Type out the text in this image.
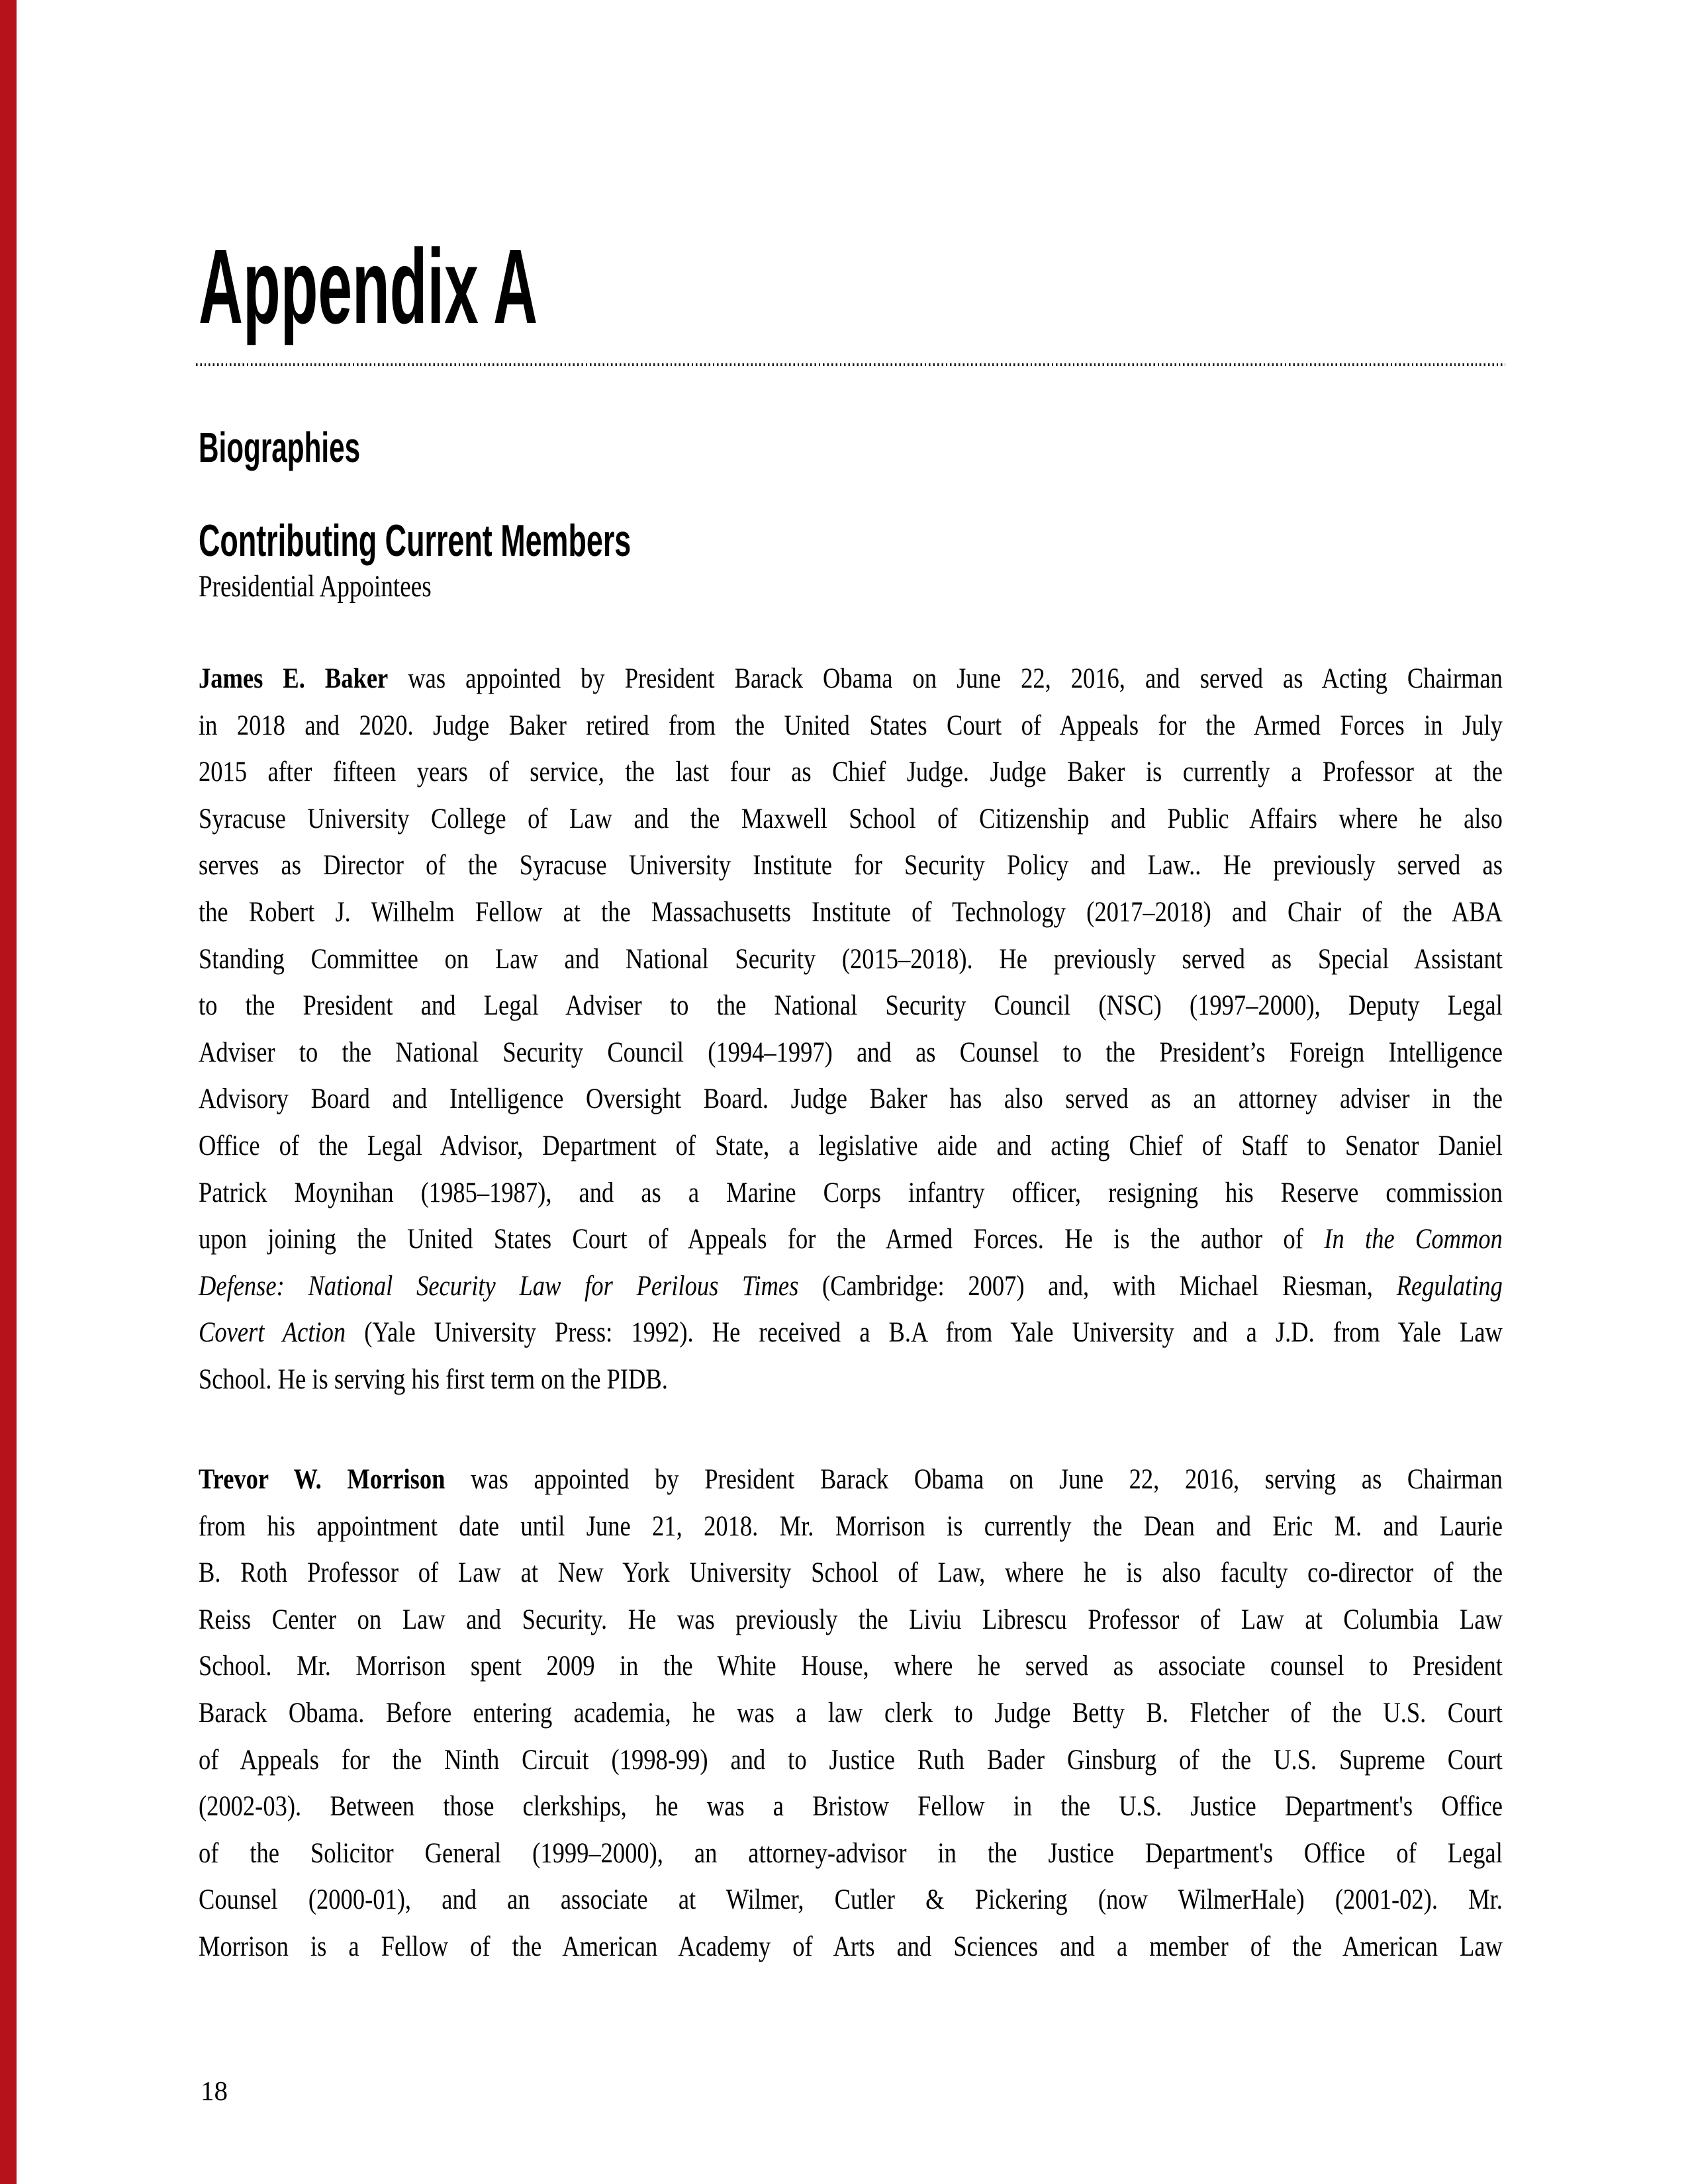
Appendix A
Biographies
Contributing Current Members
Presidential Appointees
James E. Baker was appointed by President Barack Obama on June 22, 2016, and served as Acting Chairman
in 2018 and 2020. Judge Baker retired from the United States Court of Appeals for the Armed Forces in July
2015 after fifteen years of service, the last four as Chief Judge. Judge Baker is currently a Professor at the
Syracuse University College of Law and the Maxwell School of Citizenship and Public Affairs where he also
serves as Director of the Syracuse University Institute for Security Policy and Law.. He previously served as
the Robert J. Wilhelm Fellow at the Massachusetts Institute of Technology (2017–2018) and Chair of the ABA
Standing Committee on Law and National Security (2015–2018). He previously served as Special Assistant
to the President and Legal Adviser to the National Security Council (NSC) (1997–2000), Deputy Legal
Adviser to the National Security Council (1994–1997) and as Counsel to the President’s Foreign Intelligence
Advisory Board and Intelligence Oversight Board. Judge Baker has also served as an attorney adviser in the
Office of the Legal Advisor, Department of State, a legislative aide and acting Chief of Staff to Senator Daniel
Patrick Moynihan (1985–1987), and as a Marine Corps infantry officer, resigning his Reserve commission
upon joining the United States Court of Appeals for the Armed Forces. He is the author of In the Common
Defense: National Security Law for Perilous Times (Cambridge: 2007) and, with Michael Riesman, Regulating
Covert Action (Yale University Press: 1992). He received a B.A from Yale University and a J.D. from Yale Law
School. He is serving his first term on the PIDB.
Trevor W. Morrison was appointed by President Barack Obama on June 22, 2016, serving as Chairman
from his appointment date until June 21, 2018. Mr. Morrison is currently the Dean and Eric M. and Laurie
B. Roth Professor of Law at New York University School of Law, where he is also faculty co-director of the
Reiss Center on Law and Security. He was previously the Liviu Librescu Professor of Law at Columbia Law
School. Mr. Morrison spent 2009 in the White House, where he served as associate counsel to President
Barack Obama. Before entering academia, he was a law clerk to Judge Betty B. Fletcher of the U.S. Court
of Appeals for the Ninth Circuit (1998-99) and to Justice Ruth Bader Ginsburg of the U.S. Supreme Court
(2002-03). Between those clerkships, he was a Bristow Fellow in the U.S. Justice Department's Office
of the Solicitor General (1999–2000), an attorney-advisor in the Justice Department's Office of Legal
Counsel (2000-01), and an associate at Wilmer, Cutler & Pickering (now WilmerHale) (2001-02). Mr.
Morrison is a Fellow of the American Academy of Arts and Sciences and a member of the American Law
18
